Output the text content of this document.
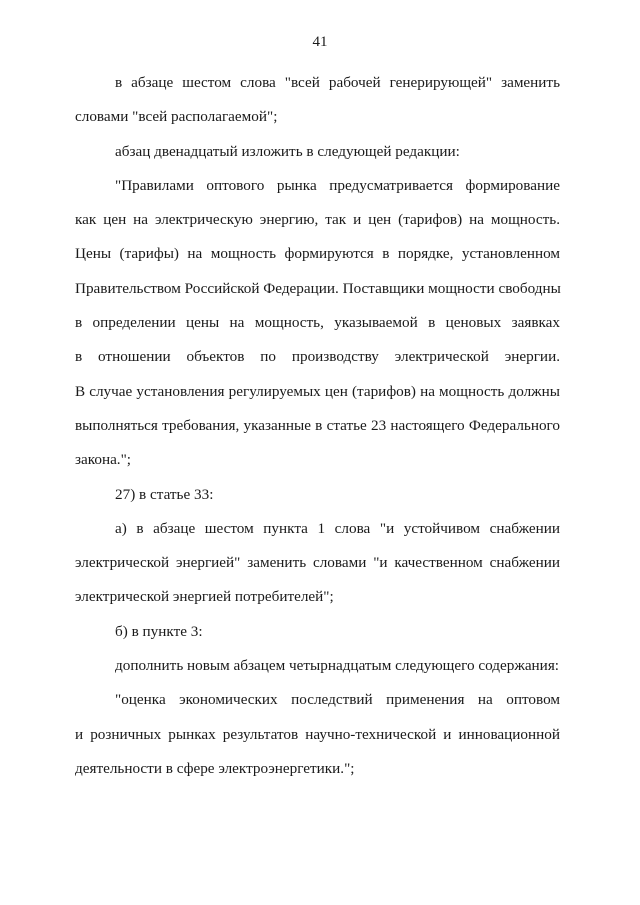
41
в абзаце шестом слова "всей рабочей генерирующей" заменить
словами "всей располагаемой";
абзац двенадцатый изложить в следующей редакции:
"Правилами оптового рынка предусматривается формирование
как цен на электрическую энергию, так и цен (тарифов) на мощность.
Цены (тарифы) на мощность формируются в порядке, установленном
Правительством Российской Федерации. Поставщики мощности свободны
в определении цены на мощность, указываемой в ценовых заявках
в отношении объектов по производству электрической энергии.
В случае установления регулируемых цен (тарифов) на мощность должны
выполняться требования, указанные в статье 23 настоящего Федерального
закона.";
27) в статье 33:
а) в абзаце шестом пункта 1 слова "и устойчивом снабжении
электрической энергией" заменить словами "и качественном снабжении
электрической энергией потребителей";
б) в пункте 3:
дополнить новым абзацем четырнадцатым следующего содержания:
"оценка экономических последствий применения на оптовом
и розничных рынках результатов научно-технической и инновационной
деятельности в сфере электроэнергетики.";
